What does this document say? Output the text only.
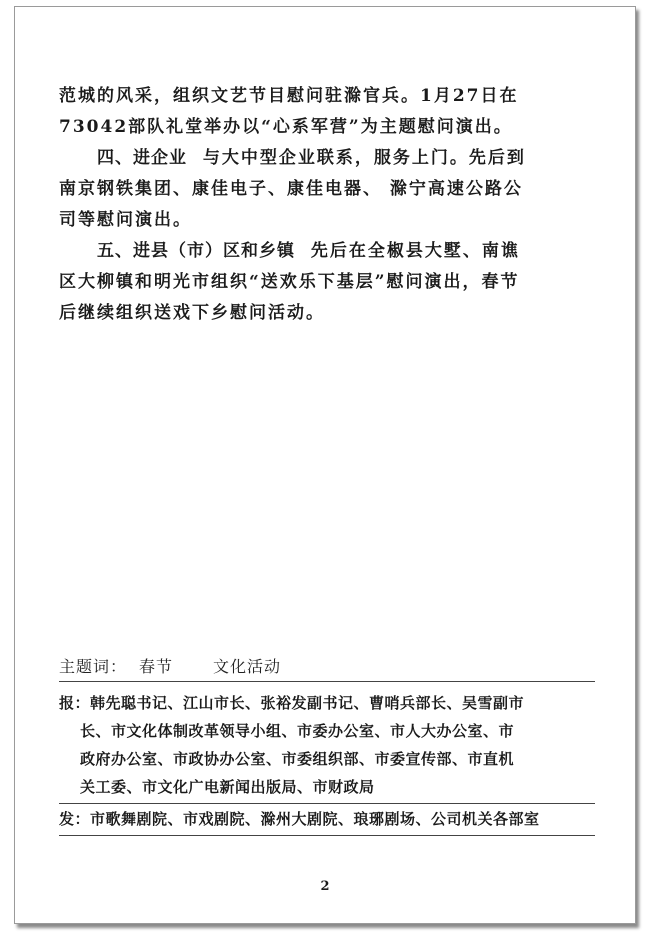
范城的风采，组织文艺节目慰问驻滁官兵。1月27日在
73042部队礼堂举办以“心系军营”为主题慰问演出。
四、进企业 与大中型企业联系，服务上门。先后到
南京钢铁集团、康佳电子、康佳电器、 滁宁高速公路公
司等慰问演出。
五、进县（市）区和乡镇 先后在全椒县大墅、南谯
区大柳镇和明光市组织“送欢乐下基层”慰问演出，春节
后继续组织送戏下乡慰问活动。
主题词： 春节	文化活动
报：韩先聪书记、江山市长、张裕发副书记、曹哨兵部长、吴雪副市
长、市文化体制改革领导小组、市委办公室、市人大办公室、市
政府办公室、市政协办公室、市委组织部、市委宣传部、市直机
关工委、市文化广电新闻出版局、市财政局
发：市歌舞剧院、市戏剧院、滁州大剧院、琅琊剧场、公司机关各部室
2
